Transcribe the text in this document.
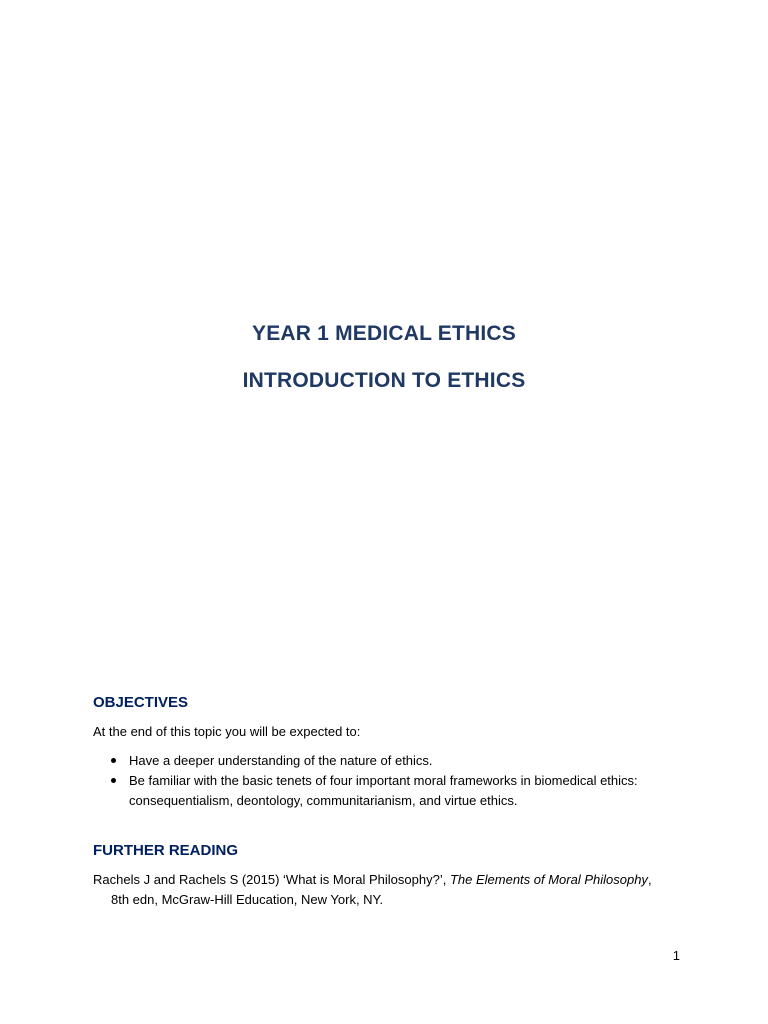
YEAR 1 MEDICAL ETHICS
INTRODUCTION TO ETHICS
OBJECTIVES
At the end of this topic you will be expected to:
Have a deeper understanding of the nature of ethics.
Be familiar with the basic tenets of four important moral frameworks in biomedical ethics:
consequentialism, deontology, communitarianism, and virtue ethics.
FURTHER READING
Rachels J and Rachels S (2015) ‘What is Moral Philosophy?’, The Elements of Moral Philosophy,
8th edn, McGraw-Hill Education, New York, NY.
1
